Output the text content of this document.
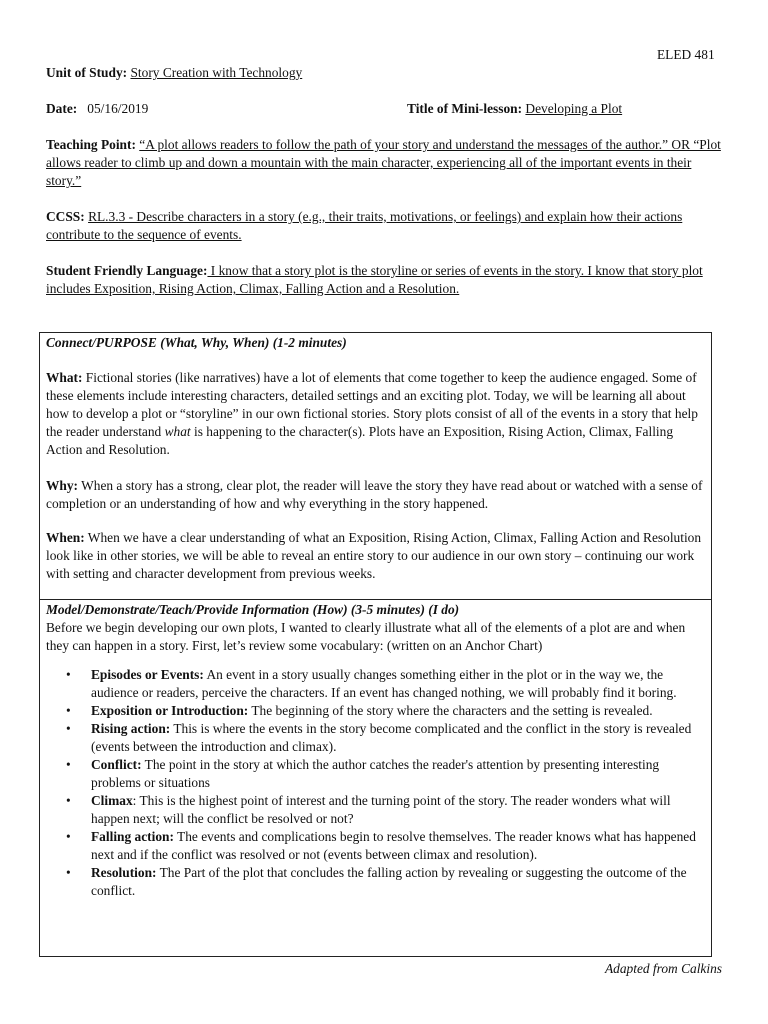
ELED 481
Unit of Study: Story Creation with Technology
Date: 05/16/2019	Title of Mini-lesson: Developing a Plot

Teaching Point: “A plot allows readers to follow the path of your story and understand the messages of the author.” OR “Plot allows reader to climb up and down a mountain with the main character, experiencing all of the important events in their story.”

CCSS: RL.3.3 - Describe characters in a story (e.g., their traits, motivations, or feelings) and explain how their actions contribute to the sequence of events.

Student Friendly Language: I know that a story plot is the storyline or series of events in the story. I know that story plot includes Exposition, Rising Action, Climax, Falling Action and a Resolution.

Connect/PURPOSE (What, Why, When) (1-2 minutes)
What: Fictional stories (like narratives) have a lot of elements that come together to keep the audience engaged. Some of these elements include interesting characters, detailed settings and an exciting plot. Today, we will be learning all about how to develop a plot or “storyline” in our own fictional stories. Story plots consist of all of the events in a story that help the reader understand what is happening to the character(s). Plots have an Exposition, Rising Action, Climax, Falling Action and Resolution.
Why: When a story has a strong, clear plot, the reader will leave the story they have read about or watched with a sense of completion or an understanding of how and why everything in the story happened.
When: When we have a clear understanding of what an Exposition, Rising Action, Climax, Falling Action and Resolution look like in other stories, we will be able to reveal an entire story to our audience in our own story – continuing our work with setting and character development from previous weeks.
Model/Demonstrate/Teach/Provide Information (How) (3-5 minutes) (I do)
Before we begin developing our own plots, I wanted to clearly illustrate what all of the elements of a plot are and when they can happen in a story. First, let’s review some vocabulary: (written on an Anchor Chart)
• Episodes or Events: An event in a story usually changes something either in the plot or in the way we, the audience or readers, perceive the characters. If an event has changed nothing, we will probably find it boring.
• Exposition or Introduction: The beginning of the story where the characters and the setting is revealed.
• Rising action: This is where the events in the story become complicated and the conflict in the story is revealed (events between the introduction and climax).
• Conflict: The point in the story at which the author catches the reader's attention by presenting interesting problems or situations
• Climax: This is the highest point of interest and the turning point of the story. The reader wonders what will happen next; will the conflict be resolved or not?
• Falling action: The events and complications begin to resolve themselves. The reader knows what has happened next and if the conflict was resolved or not (events between climax and resolution).
• Resolution: The Part of the plot that concludes the falling action by revealing or suggesting the outcome of the conflict.
Adapted from Calkins
